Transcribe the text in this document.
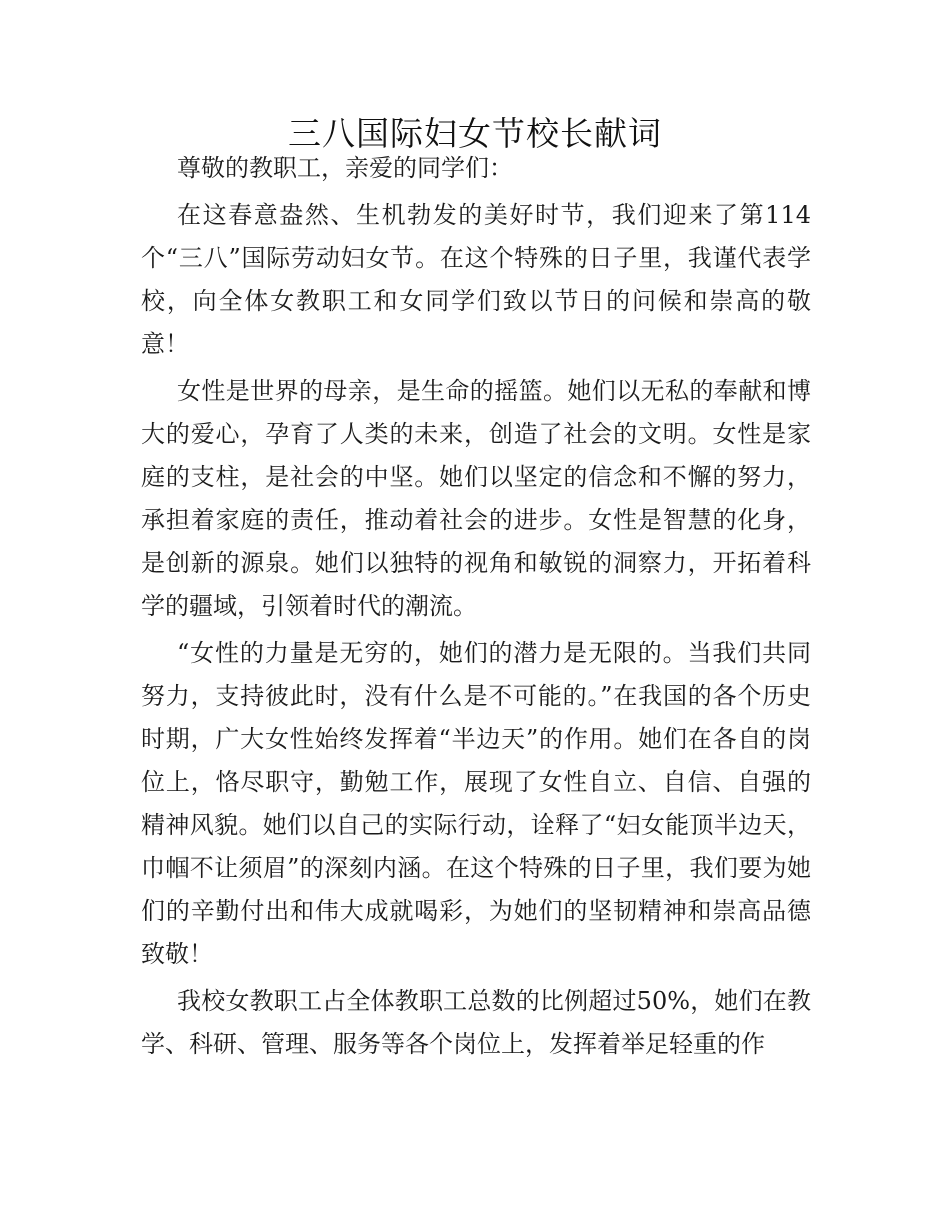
三八国际妇女节校长献词

尊敬的教职工，亲爱的同学们：

在这春意盎然、生机勃发的美好时节，我们迎来了第114个“三八”国际劳动妇女节。在这个特殊的日子里，我谨代表学校，向全体女教职工和女同学们致以节日的问候和崇高的敬意！

女性是世界的母亲，是生命的摇篮。她们以无私的奉献和博大的爱心，孕育了人类的未来，创造了社会的文明。女性是家庭的支柱，是社会的中坚。她们以坚定的信念和不懈的努力，承担着家庭的责任，推动着社会的进步。女性是智慧的化身，是创新的源泉。她们以独特的视角和敏锐的洞察力，开拓着科学的疆域，引领着时代的潮流。

“女性的力量是无穷的，她们的潜力是无限的。当我们共同努力，支持彼此时，没有什么是不可能的。”在我国的各个历史时期，广大女性始终发挥着“半边天”的作用。她们在各自的岗位上，恪尽职守，勤勉工作，展现了女性自立、自信、自强的精神风貌。她们以自己的实际行动，诠释了“妇女能顶半边天，巾帼不让须眉”的深刻内涵。在这个特殊的日子里，我们要为她们的辛勤付出和伟大成就喝彩，为她们的坚韧精神和崇高品德致敬！

我校女教职工占全体教职工总数的比例超过50%，她们在教学、科研、管理、服务等各个岗位上，发挥着举足轻重的作
